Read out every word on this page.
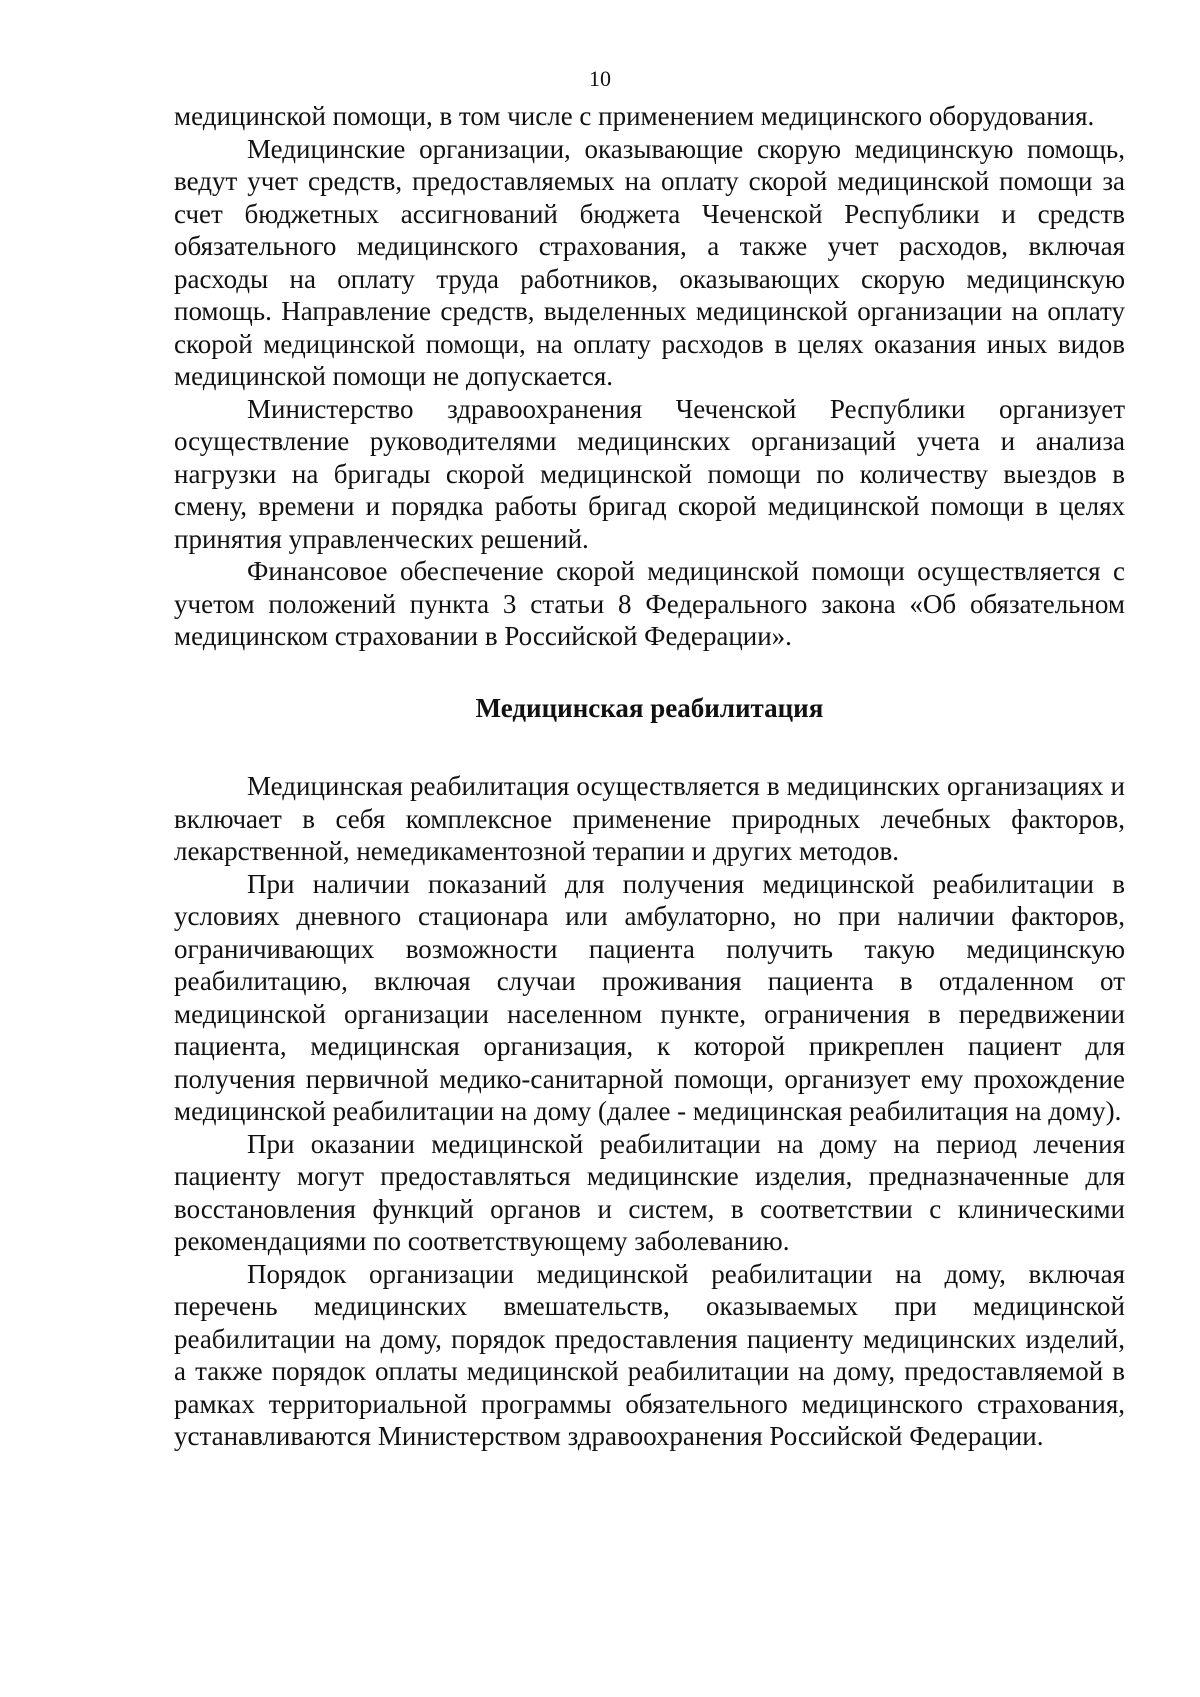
10

медицинской помощи, в том числе с применением медицинского оборудования.

Медицинские организации, оказывающие скорую медицинскую помощь, ведут учет средств, предоставляемых на оплату скорой медицинской помощи за счет бюджетных ассигнований бюджета Чеченской Республики и средств обязательного медицинского страхования, а также учет расходов, включая расходы на оплату труда работников, оказывающих скорую медицинскую помощь. Направление средств, выделенных медицинской организации на оплату скорой медицинской помощи, на оплату расходов в целях оказания иных видов медицинской помощи не допускается.

Министерство здравоохранения Чеченской Республики организует осуществление руководителями медицинских организаций учета и анализа нагрузки на бригады скорой медицинской помощи по количеству выездов в смену, времени и порядка работы бригад скорой медицинской помощи в целях принятия управленческих решений.

Финансовое обеспечение скорой медицинской помощи осуществляется с учетом положений пункта 3 статьи 8 Федерального закона «Об обязательном медицинском страховании в Российской Федерации».

Медицинская реабилитация

Медицинская реабилитация осуществляется в медицинских организациях и включает в себя комплексное применение природных лечебных факторов, лекарственной, немедикаментозной терапии и других методов.

При наличии показаний для получения медицинской реабилитации в условиях дневного стационара или амбулаторно, но при наличии факторов, ограничивающих возможности пациента получить такую медицинскую реабилитацию, включая случаи проживания пациента в отдаленном от медицинской организации населенном пункте, ограничения в передвижении пациента, медицинская организация, к которой прикреплен пациент для получения первичной медико-санитарной помощи, организует ему прохождение медицинской реабилитации на дому (далее - медицинская реабилитация на дому).

При оказании медицинской реабилитации на дому на период лечения пациенту могут предоставляться медицинские изделия, предназначенные для восстановления функций органов и систем, в соответствии с клиническими рекомендациями по соответствующему заболеванию.

Порядок организации медицинской реабилитации на дому, включая перечень медицинских вмешательств, оказываемых при медицинской реабилитации на дому, порядок предоставления пациенту медицинских изделий, а также порядок оплаты медицинской реабилитации на дому, предоставляемой в рамках территориальной программы обязательного медицинского страхования, устанавливаются Министерством здравоохранения Российской Федерации.
